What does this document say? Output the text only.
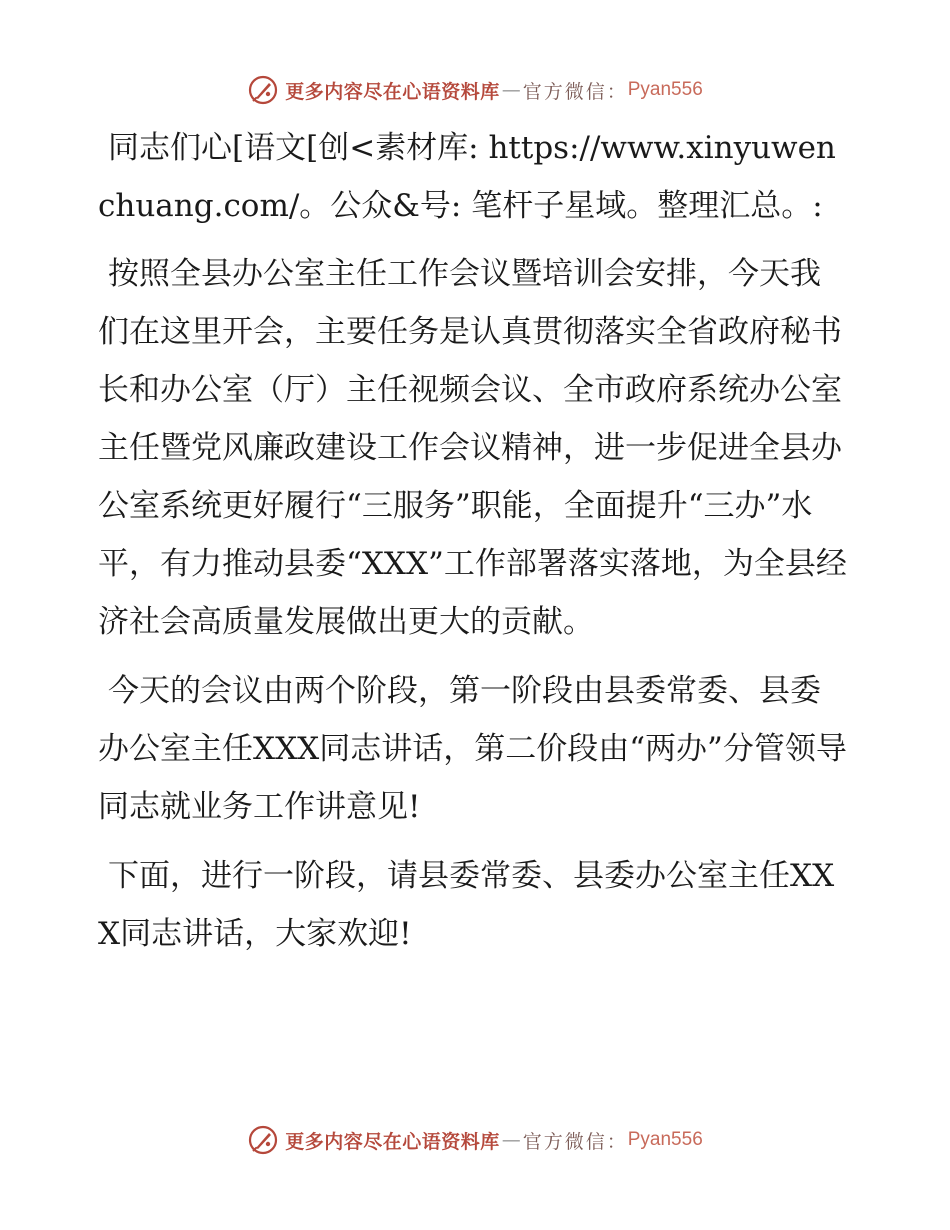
更多内容尽在心语资料库 — 官方微信： Pyan556

同志们心[语文[创<素材库: https://www.xinyuwenchuang.com/。公众&号: 笔杆子星域。整理汇总。:

按照全县办公室主任工作会议暨培训会安排，今天我们在这里开会，主要任务是认真贯彻落实全省政府秘书长和办公室（厅）主任视频会议、全市政府系统办公室主任暨党风廉政建设工作会议精神，进一步促进全县办公室系统更好履行“三服务”职能，全面提升“三办”水平，有力推动县委“XXX”工作部署落实落地，为全县经济社会高质量发展做出更大的贡献。

今天的会议由两个阶段，第一阶段由县委常委、县委办公室主任XXX同志讲话，第二价段由“两办”分管领导同志就业务工作讲意见!

下面，进行一阶段，请县委常委、县委办公室主任XXX同志讲话，大家欢迎!

更多内容尽在心语资料库 — 官方微信： Pyan556
